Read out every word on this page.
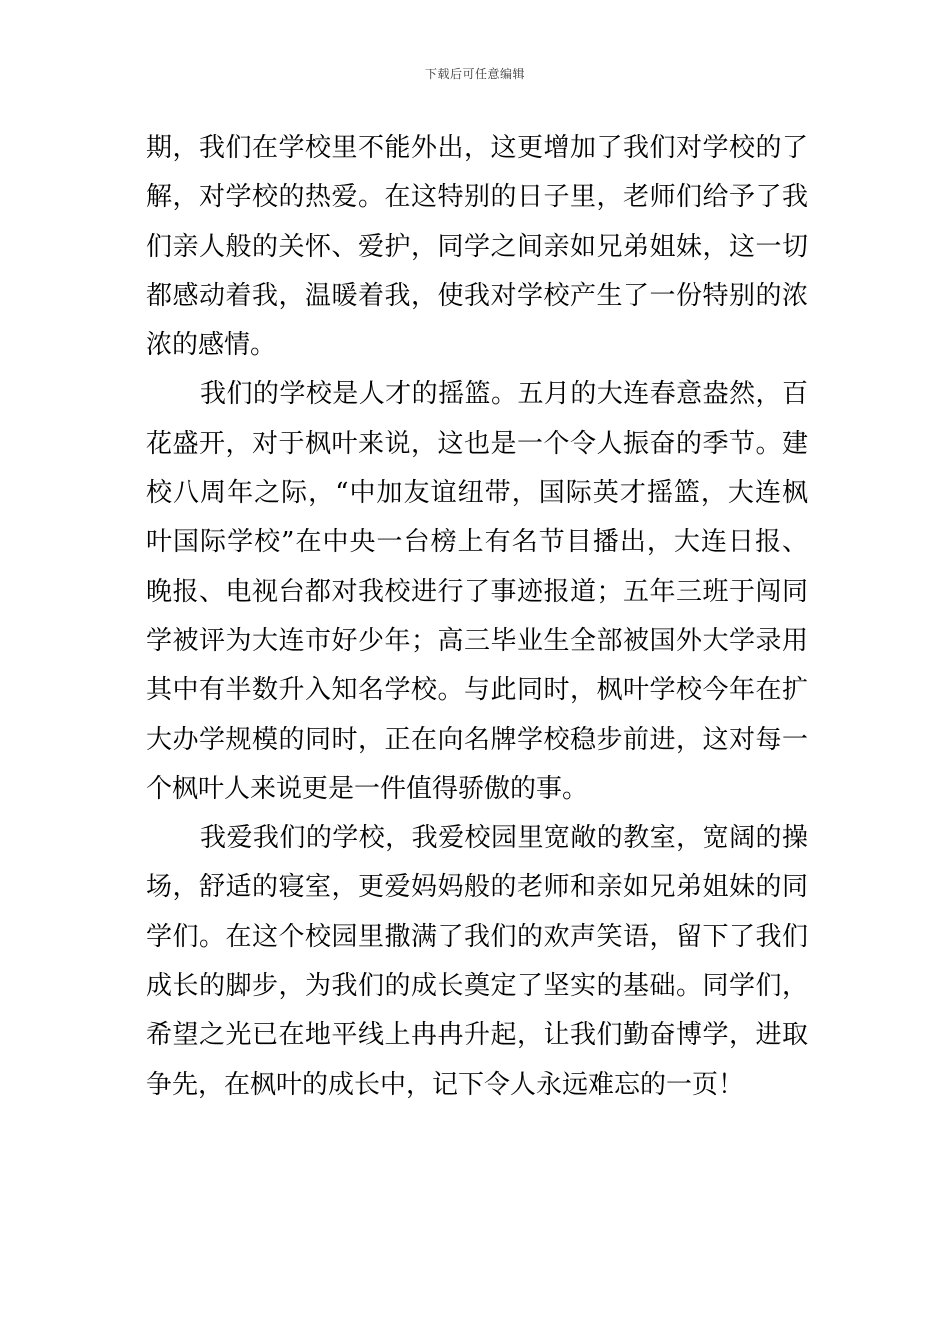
下载后可任意编辑
期，我们在学校里不能外出，这更增加了我们对学校的了
解，对学校的热爱。在这特别的日子里，老师们给予了我
们亲人般的关怀、爱护，同学之间亲如兄弟姐妹，这一切
都感动着我，温暖着我，使我对学校产生了一份特别的浓
浓的感情。
我们的学校是人才的摇篮。五月的大连春意盎然，百
花盛开，对于枫叶来说，这也是一个令人振奋的季节。建
校八周年之际，“中加友谊纽带，国际英才摇篮，大连枫
叶国际学校”在中央一台榜上有名节目播出，大连日报、
晚报、电视台都对我校进行了事迹报道；五年三班于闯同
学被评为大连市好少年；高三毕业生全部被国外大学录用
其中有半数升入知名学校。与此同时，枫叶学校今年在扩
大办学规模的同时，正在向名牌学校稳步前进，这对每一
个枫叶人来说更是一件值得骄傲的事。
我爱我们的学校，我爱校园里宽敞的教室，宽阔的操
场，舒适的寝室，更爱妈妈般的老师和亲如兄弟姐妹的同
学们。在这个校园里撒满了我们的欢声笑语，留下了我们
成长的脚步，为我们的成长奠定了坚实的基础。同学们，
希望之光已在地平线上冉冉升起，让我们勤奋博学，进取
争先，在枫叶的成长中，记下令人永远难忘的一页！
